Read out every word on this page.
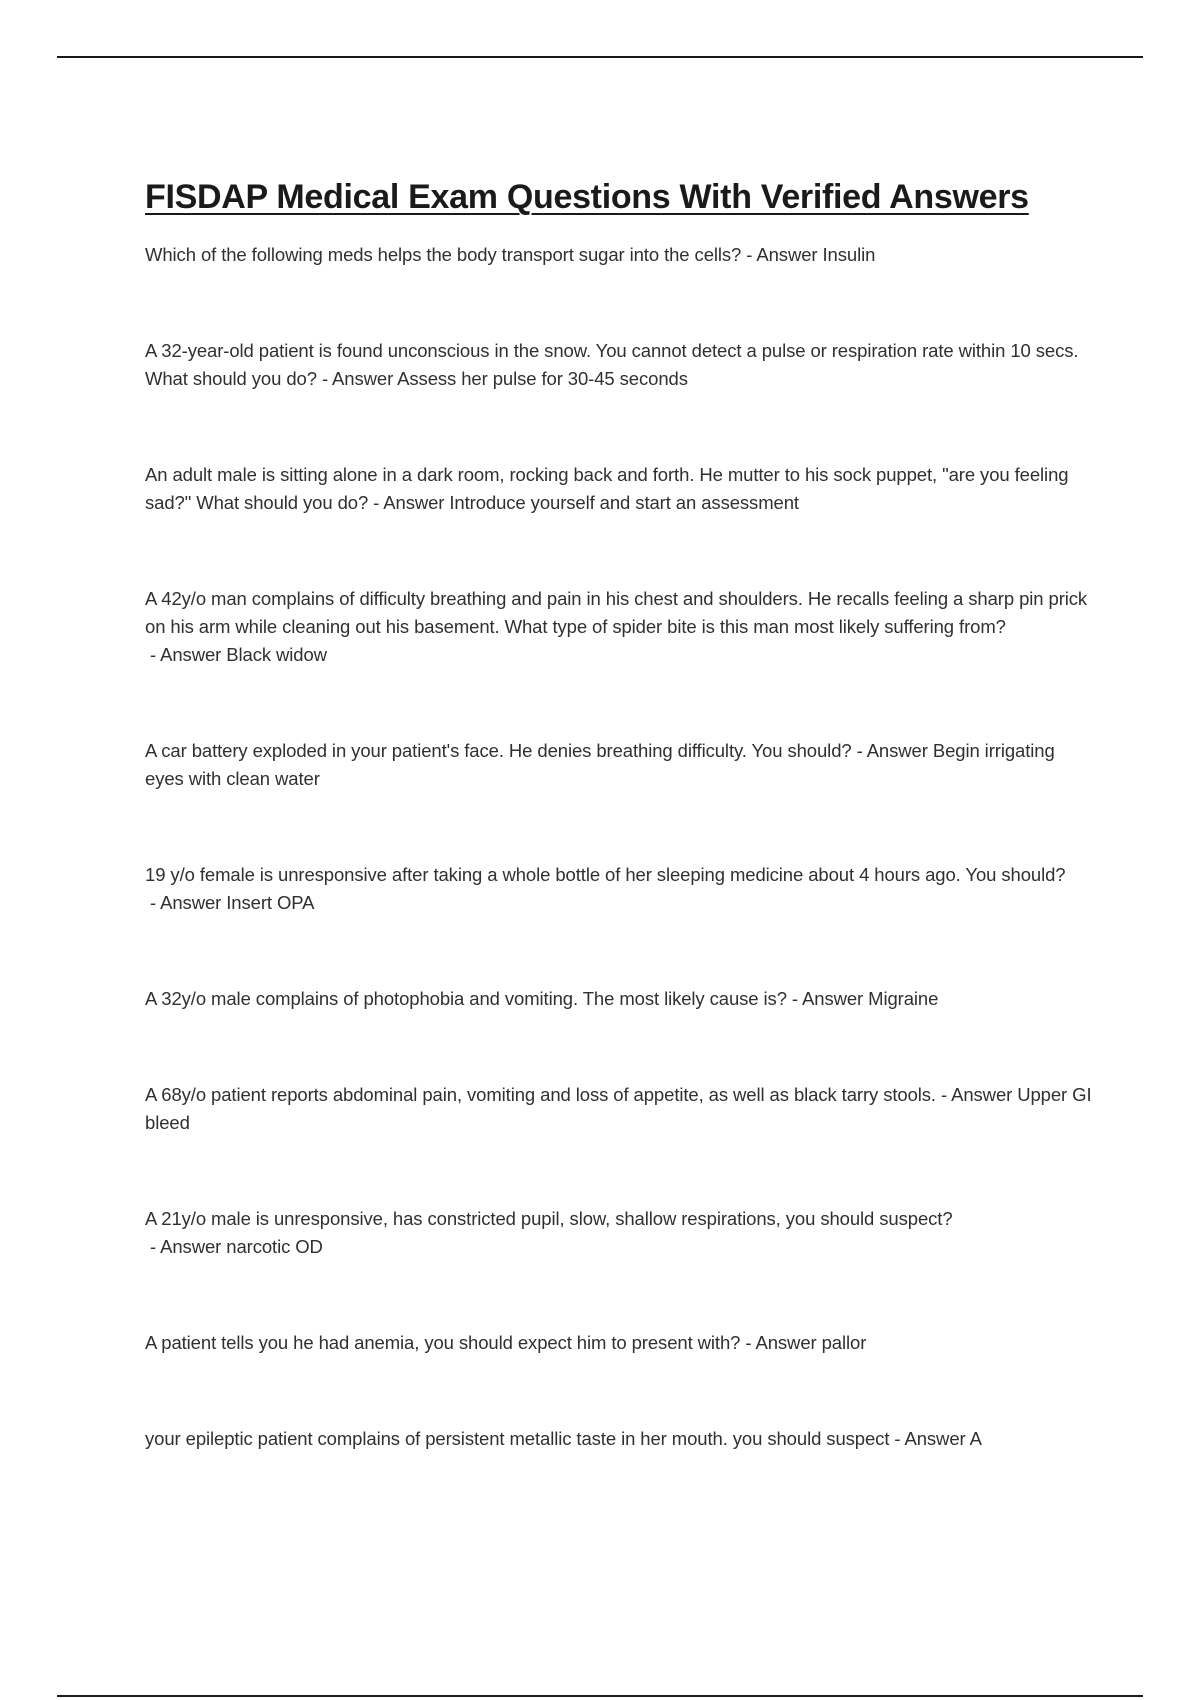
FISDAP Medical Exam Questions With Verified Answers
Which of the following meds helps the body transport sugar into the cells? - Answer Insulin
A 32-year-old patient is found unconscious in the snow. You cannot detect a pulse or respiration rate within 10 secs. What should you do? - Answer Assess her pulse for 30-45 seconds
An adult male is sitting alone in a dark room, rocking back and forth. He mutter to his sock puppet, "are you feeling sad?" What should you do? - Answer Introduce yourself and start an assessment
A 42y/o man complains of difficulty breathing and pain in his chest and shoulders. He recalls feeling a sharp pin prick on his arm while cleaning out his basement. What type of spider bite is this man most likely suffering from? - Answer Black widow
A car battery exploded in your patient's face. He denies breathing difficulty. You should? - Answer Begin irrigating eyes with clean water
19 y/o female is unresponsive after taking a whole bottle of her sleeping medicine about 4 hours ago. You should? - Answer Insert OPA
A 32y/o male complains of photophobia and vomiting. The most likely cause is? - Answer Migraine
A 68y/o patient reports abdominal pain, vomiting and loss of appetite, as well as black tarry stools. - Answer Upper GI bleed
A 21y/o male is unresponsive, has constricted pupil, slow, shallow respirations, you should suspect? - Answer narcotic OD
A patient tells you he had anemia, you should expect him to present with? - Answer pallor
your epileptic patient complains of persistent metallic taste in her mouth. you should suspect - Answer A
